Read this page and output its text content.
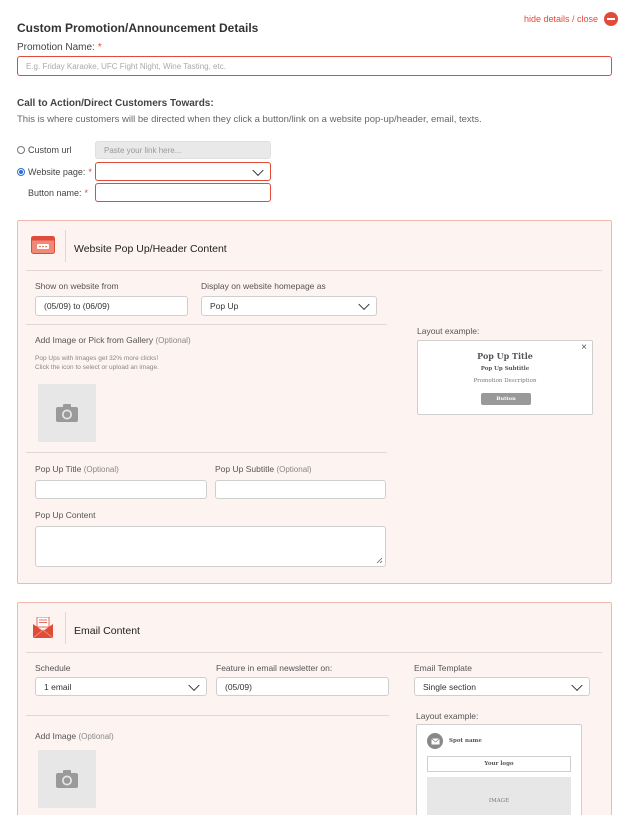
Custom Promotion/Announcement Details
hide details / close
Promotion Name: *
E.g. Friday Karaoke, UFC Fight Night, Wine Tasting, etc.
Call to Action/Direct Customers Towards:
This is where customers will be directed when they click a button/link on a website pop-up/header, email, texts.
Custom url	Paste your link here...
Website page: *
Button name: *
Website Pop Up/Header Content
Show on website from
(05/09) to (06/09)
Display on website homepage as
Pop Up
Add Image or Pick from Gallery (Optional)
Pop Ups with Images get 32% more clicks!
Click the icon to select or upload an image.
Layout example:
×
Pop Up Title
Pop Up Subtitle
Promotion Description
Button
Pop Up Title (Optional)	Pop Up Subtitle (Optional)
Pop Up Content
Email Content
Schedule
1 email
Feature in email newsletter on:
(05/09)
Email Template
Single section
Add Image (Optional)
Layout example:
Spot name
Your logo
IMAGE
